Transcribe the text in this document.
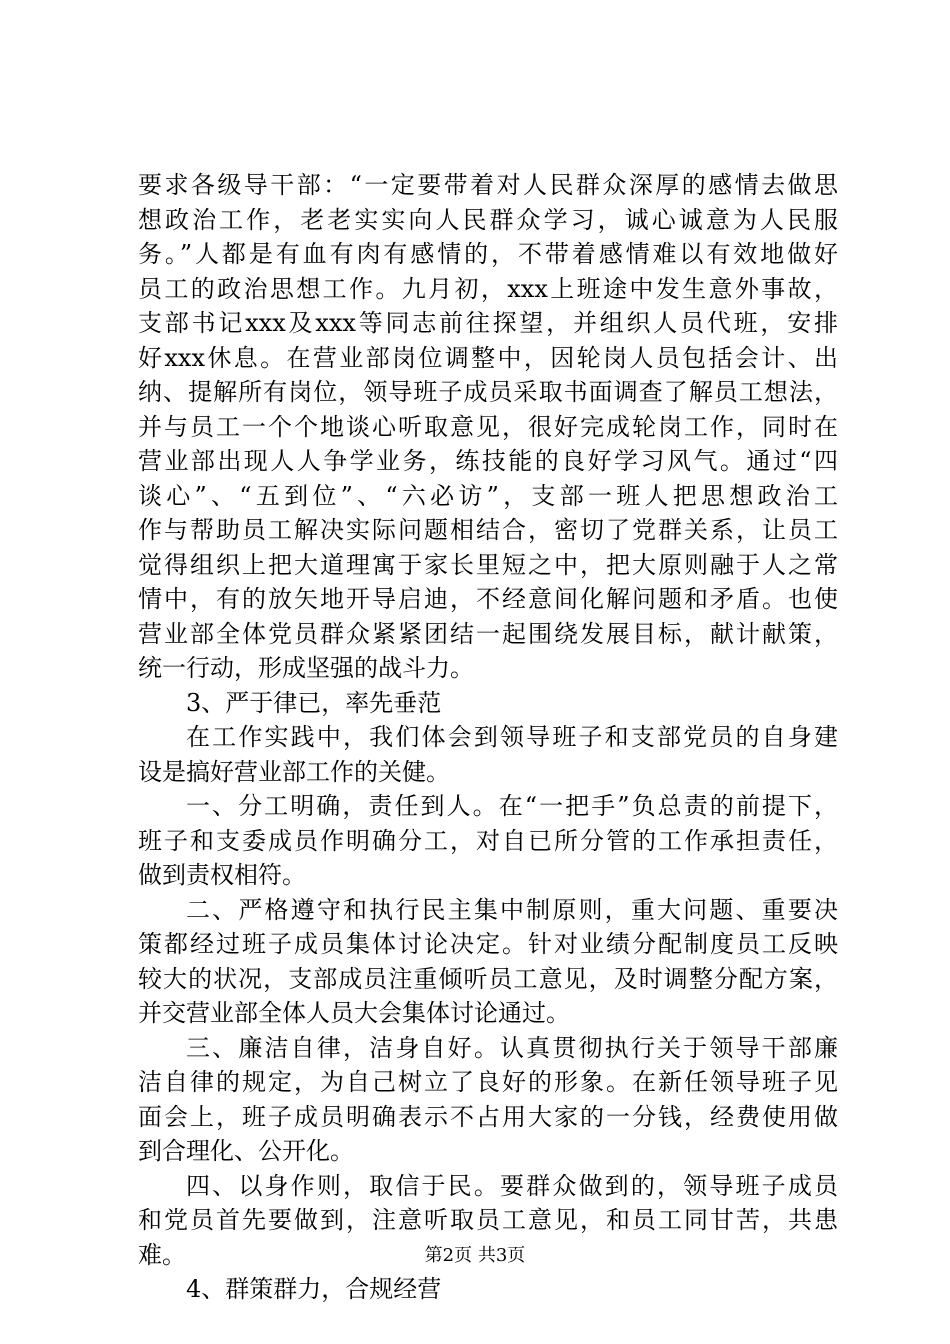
要求各级导干部：“一定要带着对人民群众深厚的感情去做思
想政治工作，老老实实向人民群众学习，诚心诚意为人民服
务。”人都是有血有肉有感情的，不带着感情难以有效地做好
员工的政治思想工作。九月初，xxx上班途中发生意外事故，
支部书记xxx及xxx等同志前往探望，并组织人员代班，安排
好xxx休息。在营业部岗位调整中，因轮岗人员包括会计、出
纳、提解所有岗位，领导班子成员采取书面调查了解员工想法，
并与员工一个个地谈心听取意见，很好完成轮岗工作，同时在
营业部出现人人争学业务，练技能的良好学习风气。通过“四
谈心”、“五到位”、“六必访”，支部一班人把思想政治工
作与帮助员工解决实际问题相结合，密切了党群关系，让员工
觉得组织上把大道理寓于家长里短之中，把大原则融于人之常
情中，有的放矢地开导启迪，不经意间化解问题和矛盾。也使
营业部全体党员群众紧紧团结一起围绕发展目标，献计献策，
统一行动，形成坚强的战斗力。
3、严于律已，率先垂范
在工作实践中，我们体会到领导班子和支部党员的自身建
设是搞好营业部工作的关健。
一、分工明确，责任到人。在“一把手”负总责的前提下，
班子和支委成员作明确分工，对自已所分管的工作承担责任，
做到责权相符。
二、严格遵守和执行民主集中制原则，重大问题、重要决
策都经过班子成员集体讨论决定。针对业绩分配制度员工反映
较大的状况，支部成员注重倾听员工意见，及时调整分配方案，
并交营业部全体人员大会集体讨论通过。
三、廉洁自律，洁身自好。认真贯彻执行关于领导干部廉
洁自律的规定，为自己树立了良好的形象。在新任领导班子见
面会上，班子成员明确表示不占用大家的一分钱，经费使用做
到合理化、公开化。
四、以身作则，取信于民。要群众做到的，领导班子成员
和党员首先要做到，注意听取员工意见，和员工同甘苦，共患
难。
4、群策群力，合规经营
第2页 共3页
